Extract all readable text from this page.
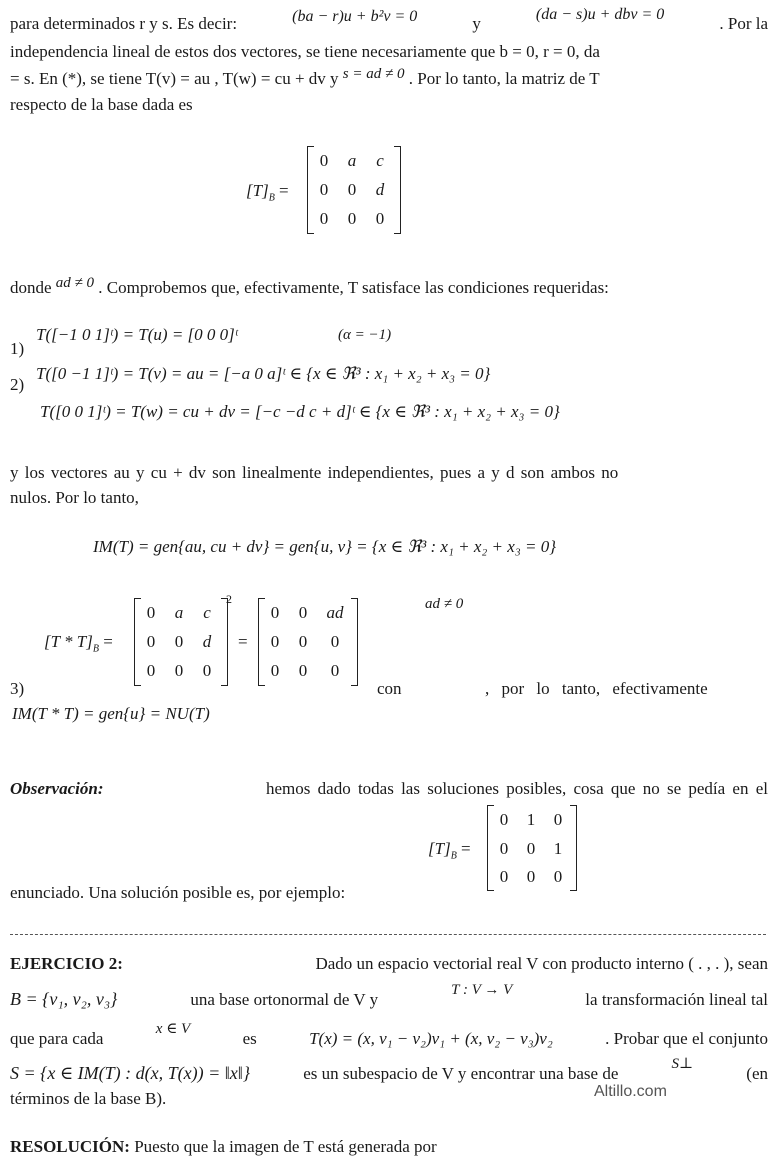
para determinados r y s. Es decir:	(ba − r)u + b²v = 0	y	(da − s)u + dbv = 0	. Por la
independencia lineal de estos dos vectores, se tiene necesariamente que b = 0, r = 0, da
= s. En (*), se tiene T(v) = au , T(w) = cu + dv y s = ad ≠ 0 . Por lo tanto, la matriz de T
respecto de la base dada es
$[T]_B$ =
0	a	c
0	0	d
0	0	0
donde ad ≠ 0 . Comprobemos que, efectivamente, T satisface las condiciones requeridas:
1)
T([−1 0 1]ᵗ) = T(u) = [0 0 0]ᵗ	(α = −1)
2)
T([0 −1 1]ᵗ) = T(v) = au = [−a 0 a]ᵗ ∈ {x ∈ ℜ³ : x₁ + x₂ + x₃ = 0}
T([0 0 1]ᵗ) = T(w) = cu + dv = [−c −d c + d]ᵗ ∈ {x ∈ ℜ³ : x₁ + x₂ + x₃ = 0}
y los vectores au y cu + dv son linealmente independientes, pues a y d son ambos no
nulos. Por lo tanto,
IM(T) = gen{au, cu + dv} = gen{u, v} = {x ∈ ℜ³ : x₁ + x₂ + x₃ = 0}
$[T * T]_B$ =
0	a	c
0	0	d
0	0	0
2
=
0	0	ad
0	0	0
0	0	0
ad ≠ 0
3)	con	, por lo tanto, efectivamente
IM(T * T) = gen{u} = NU(T)
Observación:	hemos dado todas las soluciones posibles, cosa que no se pedía en el
$[T]_B$ =
0	1	0
0	0	1
0	0	0
enunciado. Una solución posible es, por ejemplo:
EJERCICIO 2:	Dado un espacio vectorial real V con producto interno ( . , . ), sean
B = {v₁, v₂, v₃}	una base ortonormal de V y	T : V → V	la transformación lineal tal
que para cada	x ∈ V	es	T(x) = (x, v₁ − v₂)v₁ + (x, v₂ − v₃)v₂	. Probar que el conjunto
S = {x ∈ IM(T) : d(x, T(x)) = ‖x‖}	es un subespacio de V y encontrar una base de	S⊥	(en
términos de la base B).	Altillo.com
RESOLUCIÓN: Puesto que la imagen de T está generada por
